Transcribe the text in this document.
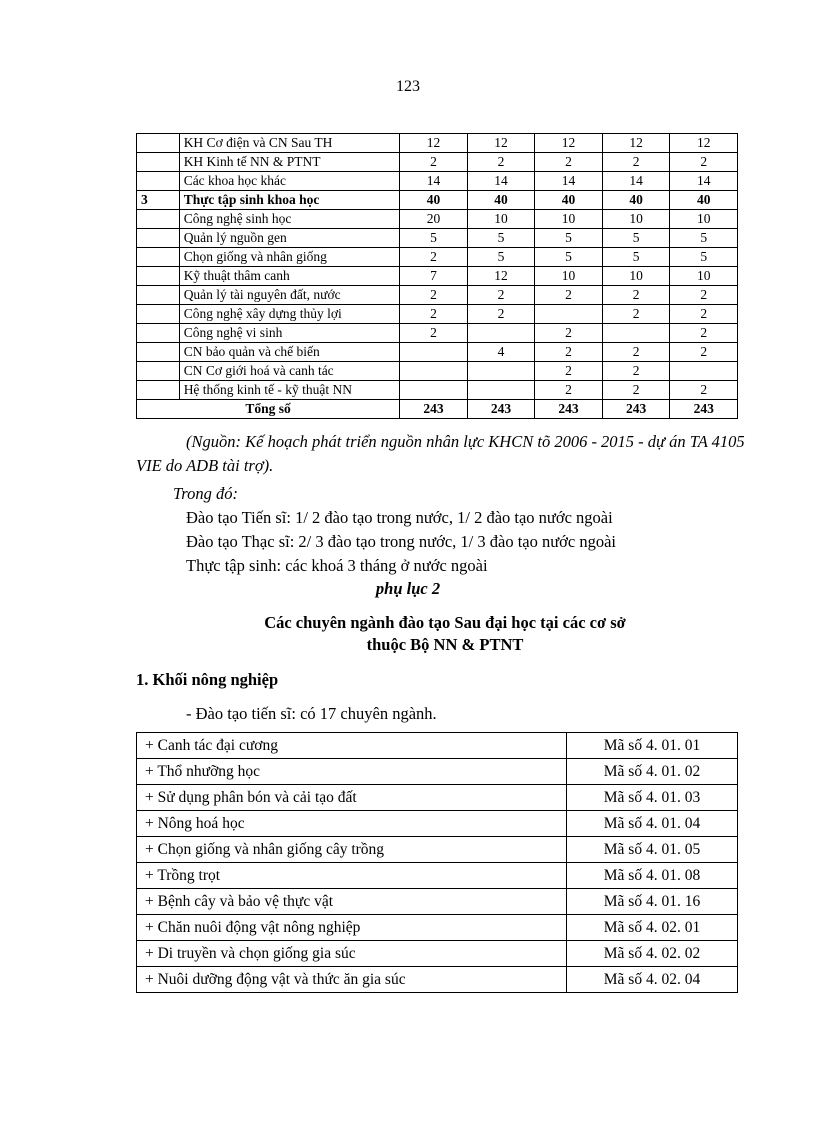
123
	KH Cơ điện và CN Sau TH	12	12	12	12	12
	KH Kinh tế NN & PTNT	2	2	2	2	2
	Các khoa học khác	14	14	14	14	14
3	Thực tập sinh khoa học	40	40	40	40	40
	Công nghệ sinh học	20	10	10	10	10
	Quản lý nguồn gen	5	5	5	5	5
	Chọn giống và nhân giống	2	5	5	5	5
	Kỹ thuật thâm canh	7	12	10	10	10
	Quản lý tài nguyên đất, nước	2	2	2	2	2
	Công nghệ xây dựng thủy lợi	2	2		2	2
	Công nghệ vi sinh	2		2		2
	CN bảo quản và chế biến		4	2	2	2
	CN Cơ giới hoá và canh tác			2	2	
	Hệ thống kinh tế - kỹ thuật NN			2	2	2
Tổng số		243	243	243	243	243
(Nguồn: Kế hoạch phát triển nguồn nhân lực KHCN tõ 2006 - 2015 - dự án TA 4105 VIE do ADB tài trợ).
Trong đó:
Đào tạo Tiến sĩ: 1/ 2 đào tạo trong nước, 1/ 2 đào tạo nước ngoài
Đào tạo Thạc sĩ: 2/ 3 đào tạo trong nước, 1/ 3 đào tạo nước ngoài
Thực tập sinh: các khoá 3 tháng ở nước ngoài
phụ lục 2
Các chuyên ngành đào tạo Sau đại học tại các cơ sở
thuộc Bộ NN & PTNT
1. Khối nông nghiệp
- Đào tạo tiến sĩ: có 17 chuyên ngành.
+ Canh tác đại cương	Mã số 4. 01. 01
+ Thổ nhưỡng học	Mã số 4. 01. 02
+ Sử dụng phân bón và cải tạo đất	Mã số 4. 01. 03
+ Nông hoá học	Mã số 4. 01. 04
+ Chọn giống và nhân giống cây trồng	Mã số 4. 01. 05
+ Trồng trọt	Mã số 4. 01. 08
+ Bệnh cây và bảo vệ thực vật	Mã số 4. 01. 16
+ Chăn nuôi động vật nông nghiệp	Mã số 4. 02. 01
+ Di truyền và chọn giống gia súc	Mã số 4. 02. 02
+ Nuôi dưỡng động vật và thức ăn gia súc	Mã số 4. 02. 04
